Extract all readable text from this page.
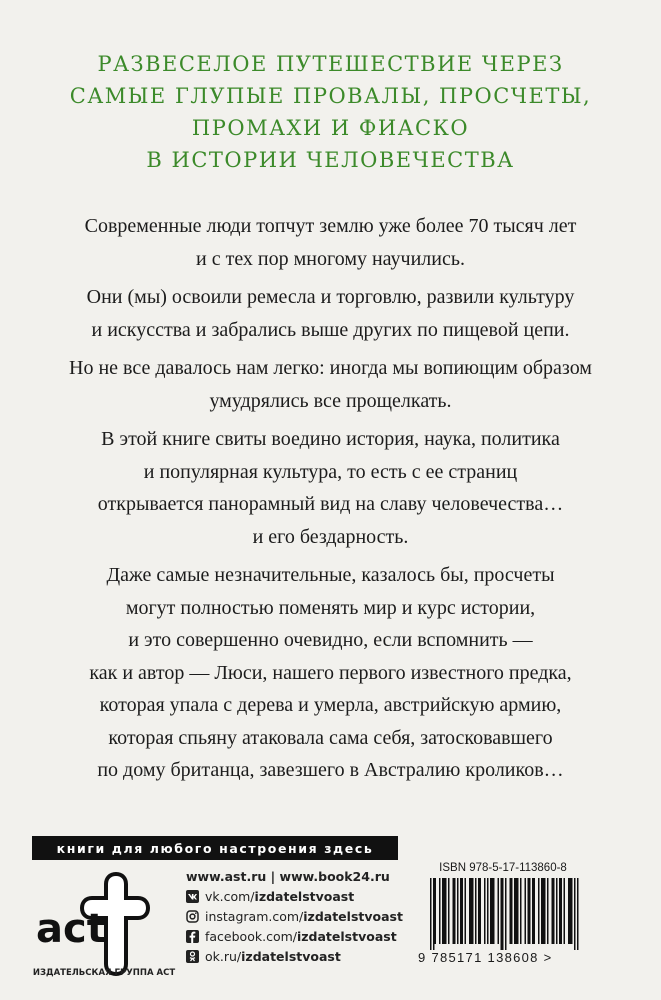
РАЗВЕСЕЛОЕ ПУТЕШЕСТВИЕ ЧЕРЕЗ
САМЫЕ ГЛУПЫЕ ПРОВАЛЫ, ПРОСЧЕТЫ,
ПРОМАХИ И ФИАСКО
В ИСТОРИИ ЧЕЛОВЕЧЕСТВА
Современные люди топчут землю уже более 70 тысяч лет
и с тех пор многому научились.
Они (мы) освоили ремесла и торговлю, развили культуру
и искусства и забрались выше других по пищевой цепи.
Но не все давалось нам легко: иногда мы вопиющим образом
умудрялись все прощелкать.
В этой книге свиты воедино история, наука, политика
и популярная культура, то есть с ее страниц
открывается панорамный вид на славу человечества…
и его бездарность.
Даже самые незначительные, казалось бы, просчеты
могут полностью поменять мир и курс истории,
и это совершенно очевидно, если вспомнить —
как и автор — Люси, нашего первого известного предка,
которая упала с дерева и умерла, австрийскую армию,
которая спьяну атаковала сама себя, затосковавшего
по дому британца, завезшего в Австралию кроликов…
книги для любого настроения здесь
act
ИЗДАТЕЛЬСКАЯ ГРУППА АСТ
www.ast.ru | www.book24.ru
vk.com/ izdatelstvoast
instagram.com/ izdatelstvoast
facebook.com/ izdatelstvoast
ok.ru/ izdatelstvoast
ISBN 978-5-17-113860-8
9 785171 138608 >
